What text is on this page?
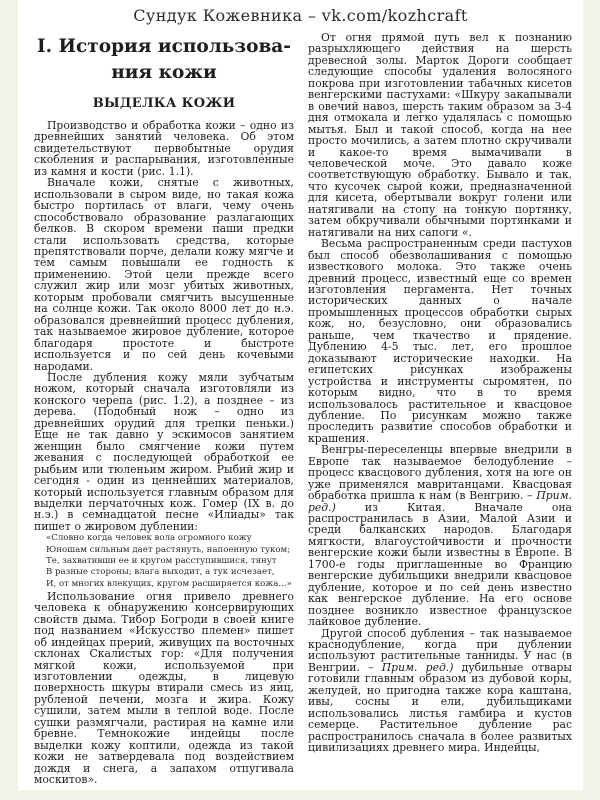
Сундук Кожевника – vk.com/kozhcraft
I. История использова-
ния кожи
ВЫДЕЛКА КОЖИ

Производство и обработка кожи – одно из древнейших занятий человека. Об этом свидетельствуют первобытные орудия скобления и распарывания, изготовленные из камня и кости (рис. 1.1).

Вначале кожи, снятые с животных, использовали в сыром виде, но такая кожа быстро портилась от влаги, чему очень способствовало образование разлагающих белков. В скором времени паши предки стали использовать средства, которые препятствовали порче, делали кожу мягче и тем самым повышали ее годность к применению. Этой цели прежде всего служил жир или мозг убитых животных, которым пробовали смягчить высушенные на солнце кожи. Так около 8000 лет до н.э. образовался древнейший процесс дубления, так называемое жировое дубление, которое благодаря простоте и быстроте используется и по сей день кочевыми народами.

После дубления кожу мяли зубчатым ножом, который сначала изготовляли из конского черепа (рис. 1.2), а позднее – из дерева. (Подобный нож – одно из древнейших орудий для трепки пеньки.) Еще не так давно у эскимосов занятием женщин было смягчение кожи путем жевания с последующей обработкой ее рыбьим или тюленьим жиром. Рыбий жир и сегодня - один из ценнейших материалов, который используется главным образом для выделки перчаточных кож. Гомер (IX в. до н.э.) в семнадцатой песне «Илиады» так пишет о жировом дублении:

«Словно когда человек вола огромного кожу
Юношам сильным дает растянуть, напоенную туком;
Те, захвативши ее и кругом расступившися, тянут
В разные стороны; влага выходит, а тук исчезает,
И, от многих влекущих, кругом расширяется кожа...»

Использование огня привело древнего человека к обнаружению консервирующих свойств дыма. Тибор Богроди в своей книге под названием «Искусство племен» пишет об индейцах прерий, живущих па восточных склонах Скалистых гор: «Для получения мягкой кожи, используемой при изготовлении одежды, в лицевую поверхность шкуры втирали смесь из яиц, рубленой печени, мозга и жира. Кожу сушили, затем мыли в теплой воде. После сушки размягчали, растирая на камне или бревне. Темнокожие индейцы после выделки кожу коптили, одежда из такой кожи не затвердевала под воздействием дождя и снега, а запахом отпугивала москитов».

От огня прямой путь вел к познанию разрыхляющего действия на шерсть древесной золы. Марток Дороги сообщает следующие способы удаления волосяного покрова при изготовлении табачных кисетов венгерскими пастухами: «Шкуру закапывали в овечий навоз, шерсть таким образом за 3-4 дня отмокала и легко удалялась с помощью мытья. Был и такой способ, когда на нее просто мочились, а затем плотно скручивали и какое-то время вымачивали в человеческой моче. Это давало коже соответствующую обработку. Бывало и так, что кусочек сырой кожи, предназначенной для кисета, обертывали вокруг голени или натягивали на стопу на тонкую портянку, затем обкручивали обычными портянками и натягивали на них сапоги «.

Весьма распространенным среди пастухов был способ обезволашивания с помощью известкового молока. Это также очень древний процесс, известный еще со времен изготовления пергамента. Нет точных исторических данных о начале промышленных процессов обработки сырых кож, но, безусловно, они образовались раньше, чем ткачество и прядение. Дублению 4-5 тыс. лет, его прошлое доказывают исторические находки. На египетских рисунках изображены устройства и инструменты сыромятен, по которым видно, что в то время использовалось растительное и квасцовое дубление. По рисункам можно также проследить развитие способов обработки и крашения.

Венгры-переселенцы впервые внедрили в Европе так называемое белодубление – процесс квасцового дубления, хотя на юге он уже применялся мавританцами. Квасцовая обработка пришла к нам (в Венгрию. – Прим. ред.) из Китая. Вначале она распространилась в Азии, Малой Азии и среди балканских народов. Благодаря мягкости, влагоустойчивости и прочности венгерские кожи были известны в Европе. В 1700-е годы приглашенные во Францию венгерские дубильщики внедрили квасцовое дубление, которое и по сей день известно как венгерское дубление. На его основе позднее возникло известное французское лайковое дубление.

Другой способ дубления – так называемое краснодубление, когда при дублении используют растительные танниды. У нас (в Венгрии. – Прим. ред.) дубильные отвары готовили главным образом из дубовой коры, желудей, но пригодна также кора каштана, ивы, сосны и ели, дубильщиками использовались листья гамбира и кустов семерце. Растительное дубление рас распространилось сначала в более развитых цивилизациях древнего мира. Индейцы,
